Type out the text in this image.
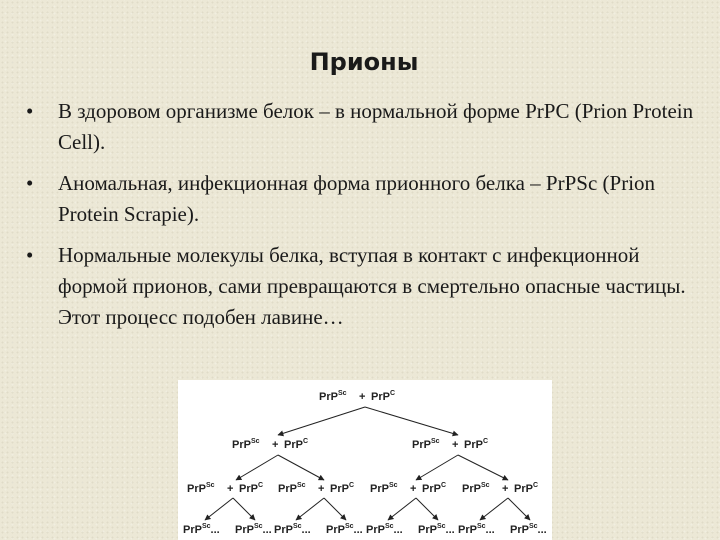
Прионы
• В здоровом организме белок – в нормальной форме PrPC (Prion Protein Cell).
• Аномальная, инфекционная форма прионного белка – PrPSc (Prion Protein Scrapie).
• Нормальные молекулы белка, вступая в контакт с инфекционной формой прионов, сами превращаются в смертельно опасные частицы. Этот процесс подобен лавине…
PrP$^{Sc}$ + PrP$^C$
PrP$^{Sc}$ + PrP$^C$	PrP$^{Sc}$ + PrP$^C$
PrP$^{Sc}$ + PrP$^C$ PrP$^{Sc}$ + PrP$^C$ PrP$^{Sc}$ + PrP$^C$ PrP$^{Sc}$ + PrP$^C$
PrP$^{Sc}$... PrP$^{Sc}$... PrP$^{Sc}$... PrP$^{Sc}$... PrP$^{Sc}$... PrP$^{Sc}$... PrP$^{Sc}$... PrP$^{Sc}$...
